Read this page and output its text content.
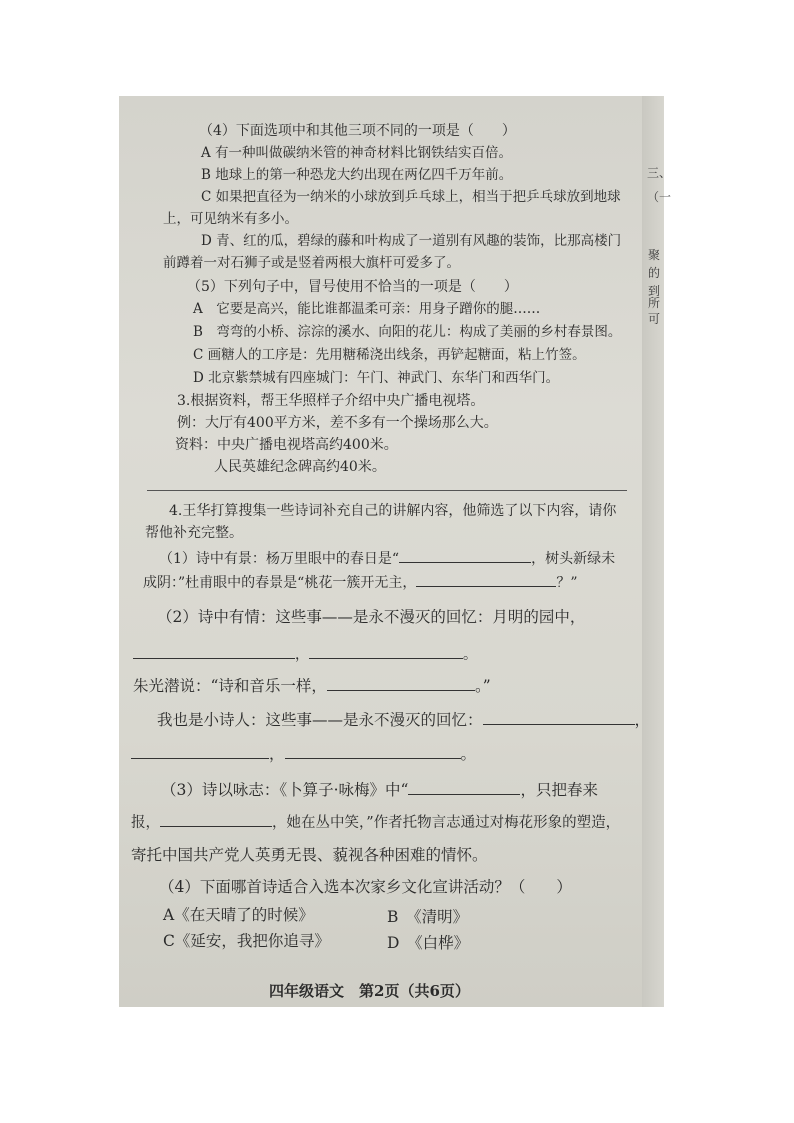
三、
（一
聚
的
到
所
可
（4）下面选项中和其他三项不同的一项是（　　）
A 有一种叫做碳纳米管的神奇材料比钢铁结实百倍。
B 地球上的第一种恐龙大约出现在两亿四千万年前。
C 如果把直径为一纳米的小球放到乒乓球上，相当于把乒乓球放到地球
上，可见纳米有多小。
D 青、红的瓜，碧绿的藤和叶构成了一道别有风趣的装饰，比那高楼门
前蹲着一对石狮子或是竖着两根大旗杆可爱多了。
（5）下列句子中，冒号使用不恰当的一项是（　　）
A　它要是高兴，能比谁都温柔可亲：用身子蹭你的腿……
B　弯弯的小桥、淙淙的溪水、向阳的花儿：构成了美丽的乡村春景图。
C 画糖人的工序是：先用糖稀浇出线条，再铲起糖面，粘上竹签。
D 北京紫禁城有四座城门：午门、神武门、东华门和西华门。
3.根据资料，帮王华照样子介绍中央广播电视塔。
例：大厅有400平方米，差不多有一个操场那么大。
资料：中央广播电视塔高约400米。
人民英雄纪念碑高约40米。
4.王华打算搜集一些诗词补充自己的讲解内容，他筛选了以下内容，请你
帮他补充完整。
（1）诗中有景：杨万里眼中的春日是“	，树头新绿未
成阴：”杜甫眼中的春景是“桃花一簇开无主，	？”
（2）诗中有情：这些事——是永不漫灭的回忆：月明的园中，
，	。
朱光潜说：“诗和音乐一样，	。”
我也是小诗人：这些事——是永不漫灭的回忆：	，
，	。
（3）诗以咏志：《卜算子·咏梅》中“	，只把春来
报，	，她在丛中笑，”作者托物言志通过对梅花形象的塑造，
寄托中国共产党人英勇无畏、藐视各种困难的情怀。
（4）下面哪首诗适合入选本次家乡文化宣讲活动？（　　）
A《在天晴了的时候》	B　《清明》
C《延安，我把你追寻》	D　《白桦》
四年级语文　第2页（共6页）
